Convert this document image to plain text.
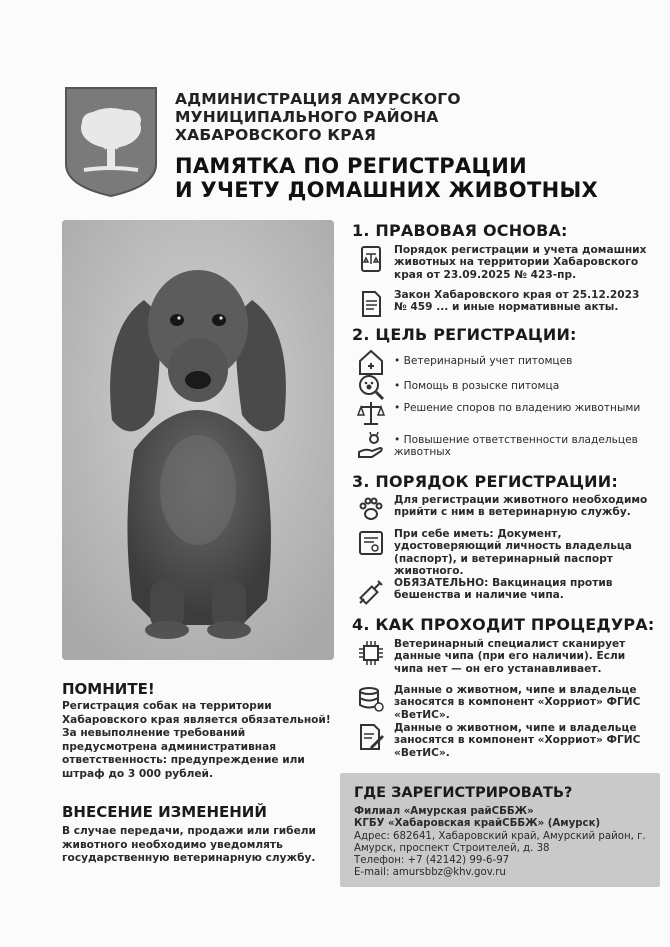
АДМИНИСТРАЦИЯ АМУРСКОГО
МУНИЦИПАЛЬНОГО РАЙОНА
ХАБАРОВСКОГО КРАЯ
ПАМЯТКА ПО РЕГИСТРАЦИИ
И УЧЕТУ ДОМАШНИХ ЖИВОТНЫХ
1. ПРАВОВАЯ ОСНОВА:
Порядок регистрации и учета домашних животных на территории Хабаровского края от 23.09.2025 № 423-пр.
Закон Хабаровского края от 25.12.2023 № 459 ... и иные нормативные акты.
2. ЦЕЛЬ РЕГИСТРАЦИИ:
• Ветеринарный учет питомцев
• Помощь в розыске питомца
• Решение споров по владению животными
• Повышение ответственности владельцев животных
3. ПОРЯДОК РЕГИСТРАЦИИ:
Для регистрации животного необходимо прийти с ним в ветеринарную службу.
При себе иметь: Документ, удостоверяющий личность владельца (паспорт), и ветеринарный паспорт животного.
ОБЯЗАТЕЛЬНО: Вакцинация против бешенства и наличие чипа.
4. КАК ПРОХОДИТ ПРОЦЕДУРА:
Ветеринарный специалист сканирует данные чипа (при его наличии). Если чипа нет — он его устанавливает.
Данные о животном, чипе и владельце заносятся в компонент «Хорриот» ФГИС «ВетИС».
Данные о животном, чипе и владельце заносятся в компонент «Хорриот» ФГИС «ВетИС».
ПОМНИТЕ!
Регистрация собак на территории Хабаровского края является обязательной! За невыполнение требований предусмотрена административная ответственность: предупреждение или штраф до 3 000 рублей.
ВНЕСЕНИЕ ИЗМЕНЕНИЙ
В случае передачи, продажи или гибели животного необходимо уведомлять государственную ветеринарную службу.
ГДЕ ЗАРЕГИСТРИРОВАТЬ?
Филиал «Амурская райСББЖ»
КГБУ «Хабаровская крайСББЖ» (Амурск)
Адрес: 682641, Хабаровский край, Амурский район, г. Амурск, проспект Строителей, д. 38
Телефон: +7 (42142) 99-6-97
E-mail: amursbbz@khv.gov.ru
